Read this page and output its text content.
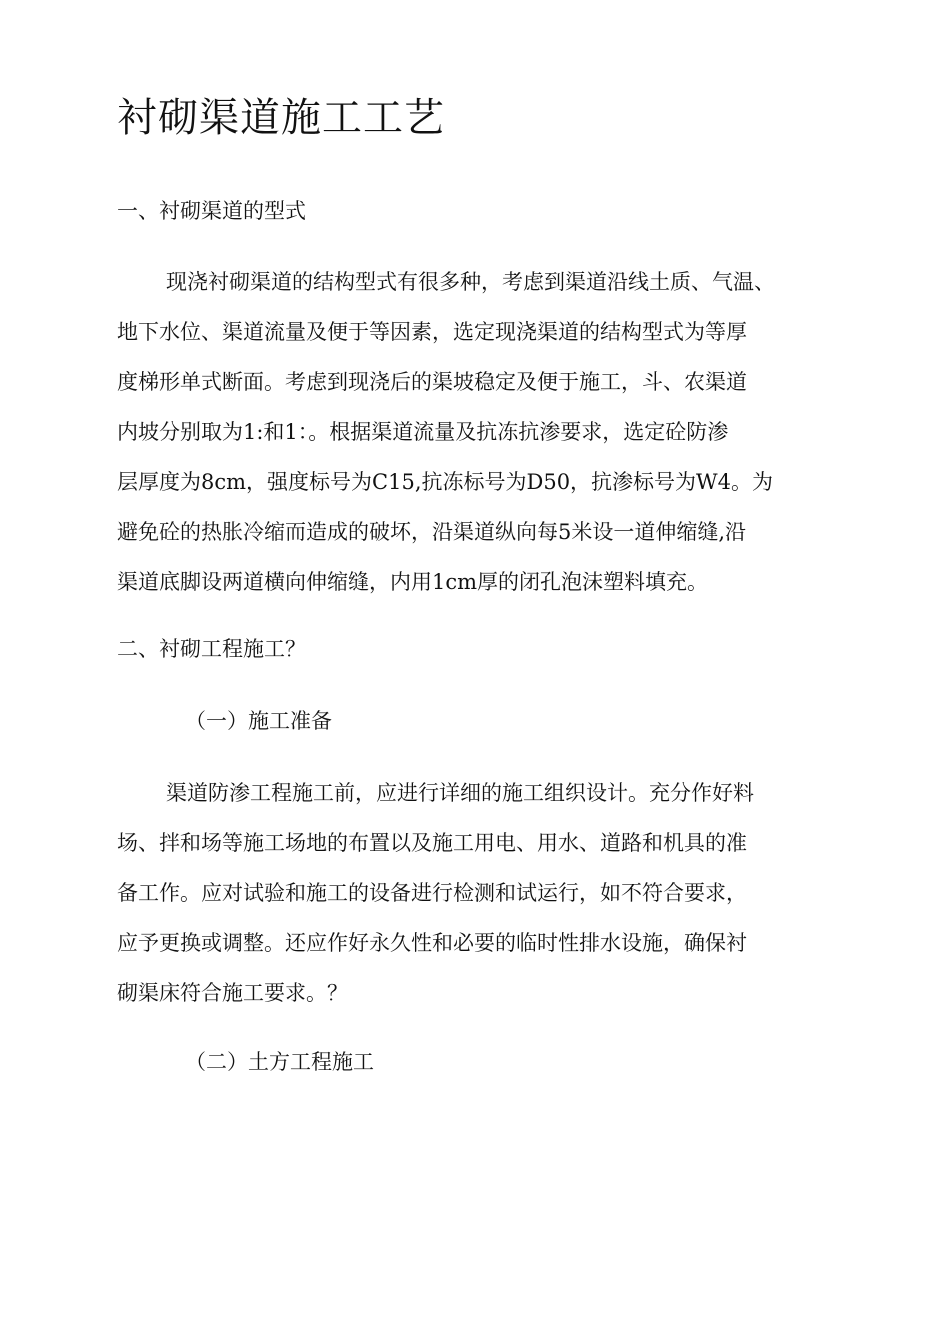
衬砌渠道施工工艺
一、衬砌渠道的型式

现浇衬砌渠道的结构型式有很多种，考虑到渠道沿线土质、气温、
地下水位、渠道流量及便于等因素，选定现浇渠道的结构型式为等厚
度梯形单式断面。考虑到现浇后的渠坡稳定及便于施工，斗、农渠道
内坡分别取为1:和1：。根据渠道流量及抗冻抗渗要求，选定砼防渗
层厚度为8cm，强度标号为C15,抗冻标号为D50，抗渗标号为W4。为
避免砼的热胀冷缩而造成的破坏，沿渠道纵向每5米设一道伸缩缝,沿
渠道底脚设两道横向伸缩缝，内用1cm厚的闭孔泡沫塑料填充。

二、衬砌工程施工？
（一）施工准备

渠道防渗工程施工前，应进行详细的施工组织设计。充分作好料
场、拌和场等施工场地的布置以及施工用电、用水、道路和机具的准
备工作。应对试验和施工的设备进行检测和试运行，如不符合要求，
应予更换或调整。还应作好永久性和必要的临时性排水设施，确保衬
砌渠床符合施工要求。？

（二）土方工程施工
